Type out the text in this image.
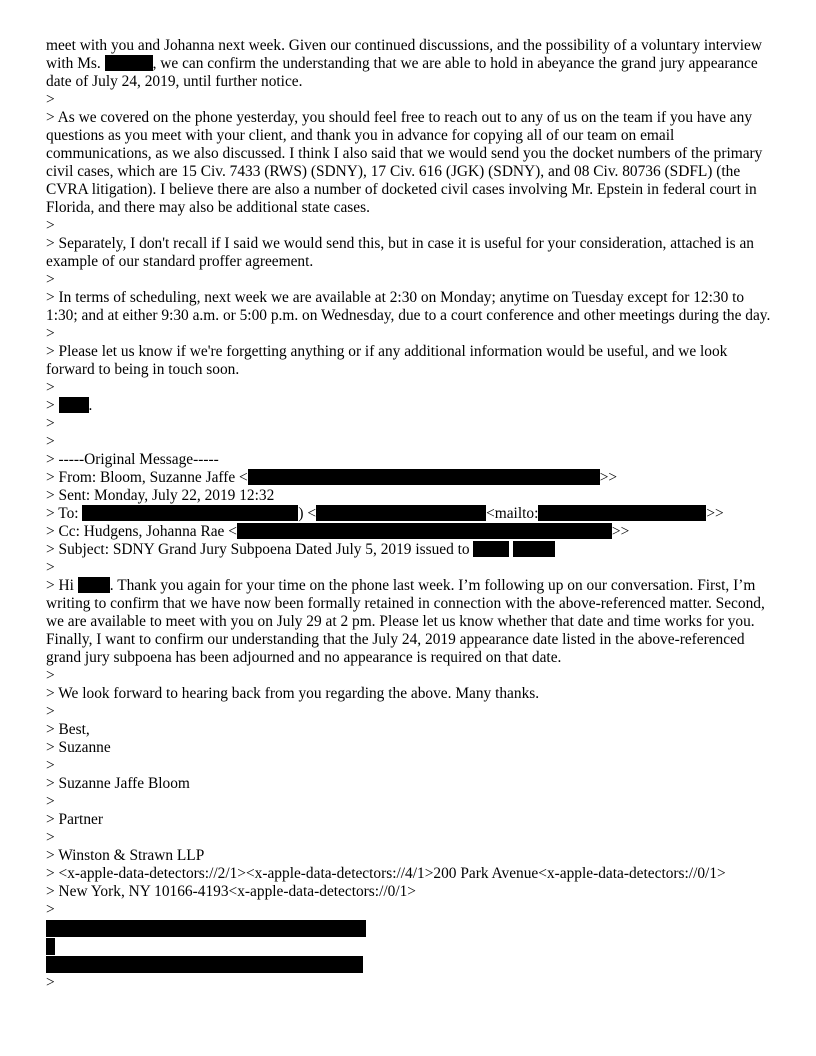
meet with you and Johanna next week. Given our continued discussions, and the possibility of a voluntary interview with Ms.	, we can confirm the understanding that we are able to hold in abeyance the grand jury appearance date of July 24, 2019, until further notice.
>
> As we covered on the phone yesterday, you should feel free to reach out to any of us on the team if you have any questions as you meet with your client, and thank you in advance for copying all of our team on email communications, as we also discussed. I think I also said that we would send you the docket numbers of the primary civil cases, which are 15 Civ. 7433 (RWS) (SDNY), 17 Civ. 616 (JGK) (SDNY), and 08 Civ. 80736 (SDFL) (the CVRA litigation). I believe there are also a number of docketed civil cases involving Mr. Epstein in federal court in Florida, and there may also be additional state cases.
>
> Separately, I don't recall if I said we would send this, but in case it is useful for your consideration, attached is an example of our standard proffer agreement.
>
> In terms of scheduling, next week we are available at 2:30 on Monday; anytime on Tuesday except for 12:30 to 1:30; and at either 9:30 a.m. or 5:00 p.m. on Wednesday, due to a court conference and other meetings during the day.
>
> Please let us know if we're forgetting anything or if any additional information would be useful, and we look forward to being in touch soon.
>
> .
>
>
> -----Original Message-----
> From: Bloom, Suzanne Jaffe <	>>
> Sent: Monday, July 22, 2019 12:32
> To:	) <	<mailto:	>>
> Cc: Hudgens, Johanna Rae <	>>
> Subject: SDNY Grand Jury Subpoena Dated July 5, 2019 issued to
>
> Hi . Thank you again for your time on the phone last week. I’m following up on our conversation. First, I’m writing to confirm that we have now been formally retained in connection with the above-referenced matter. Second, we are available to meet with you on July 29 at 2 pm. Please let us know whether that date and time works for you. Finally, I want to confirm our understanding that the July 24, 2019 appearance date listed in the above-referenced grand jury subpoena has been adjourned and no appearance is required on that date.
>
> We look forward to hearing back from you regarding the above. Many thanks.
>
> Best,
> Suzanne
>
> Suzanne Jaffe Bloom
>
> Partner
>
> Winston & Strawn LLP
> <x-apple-data-detectors://2/1><x-apple-data-detectors://4/1>200 Park Avenue<x-apple-data-detectors://0/1>
> New York, NY 10166-4193<x-apple-data-detectors://0/1>
>
>
